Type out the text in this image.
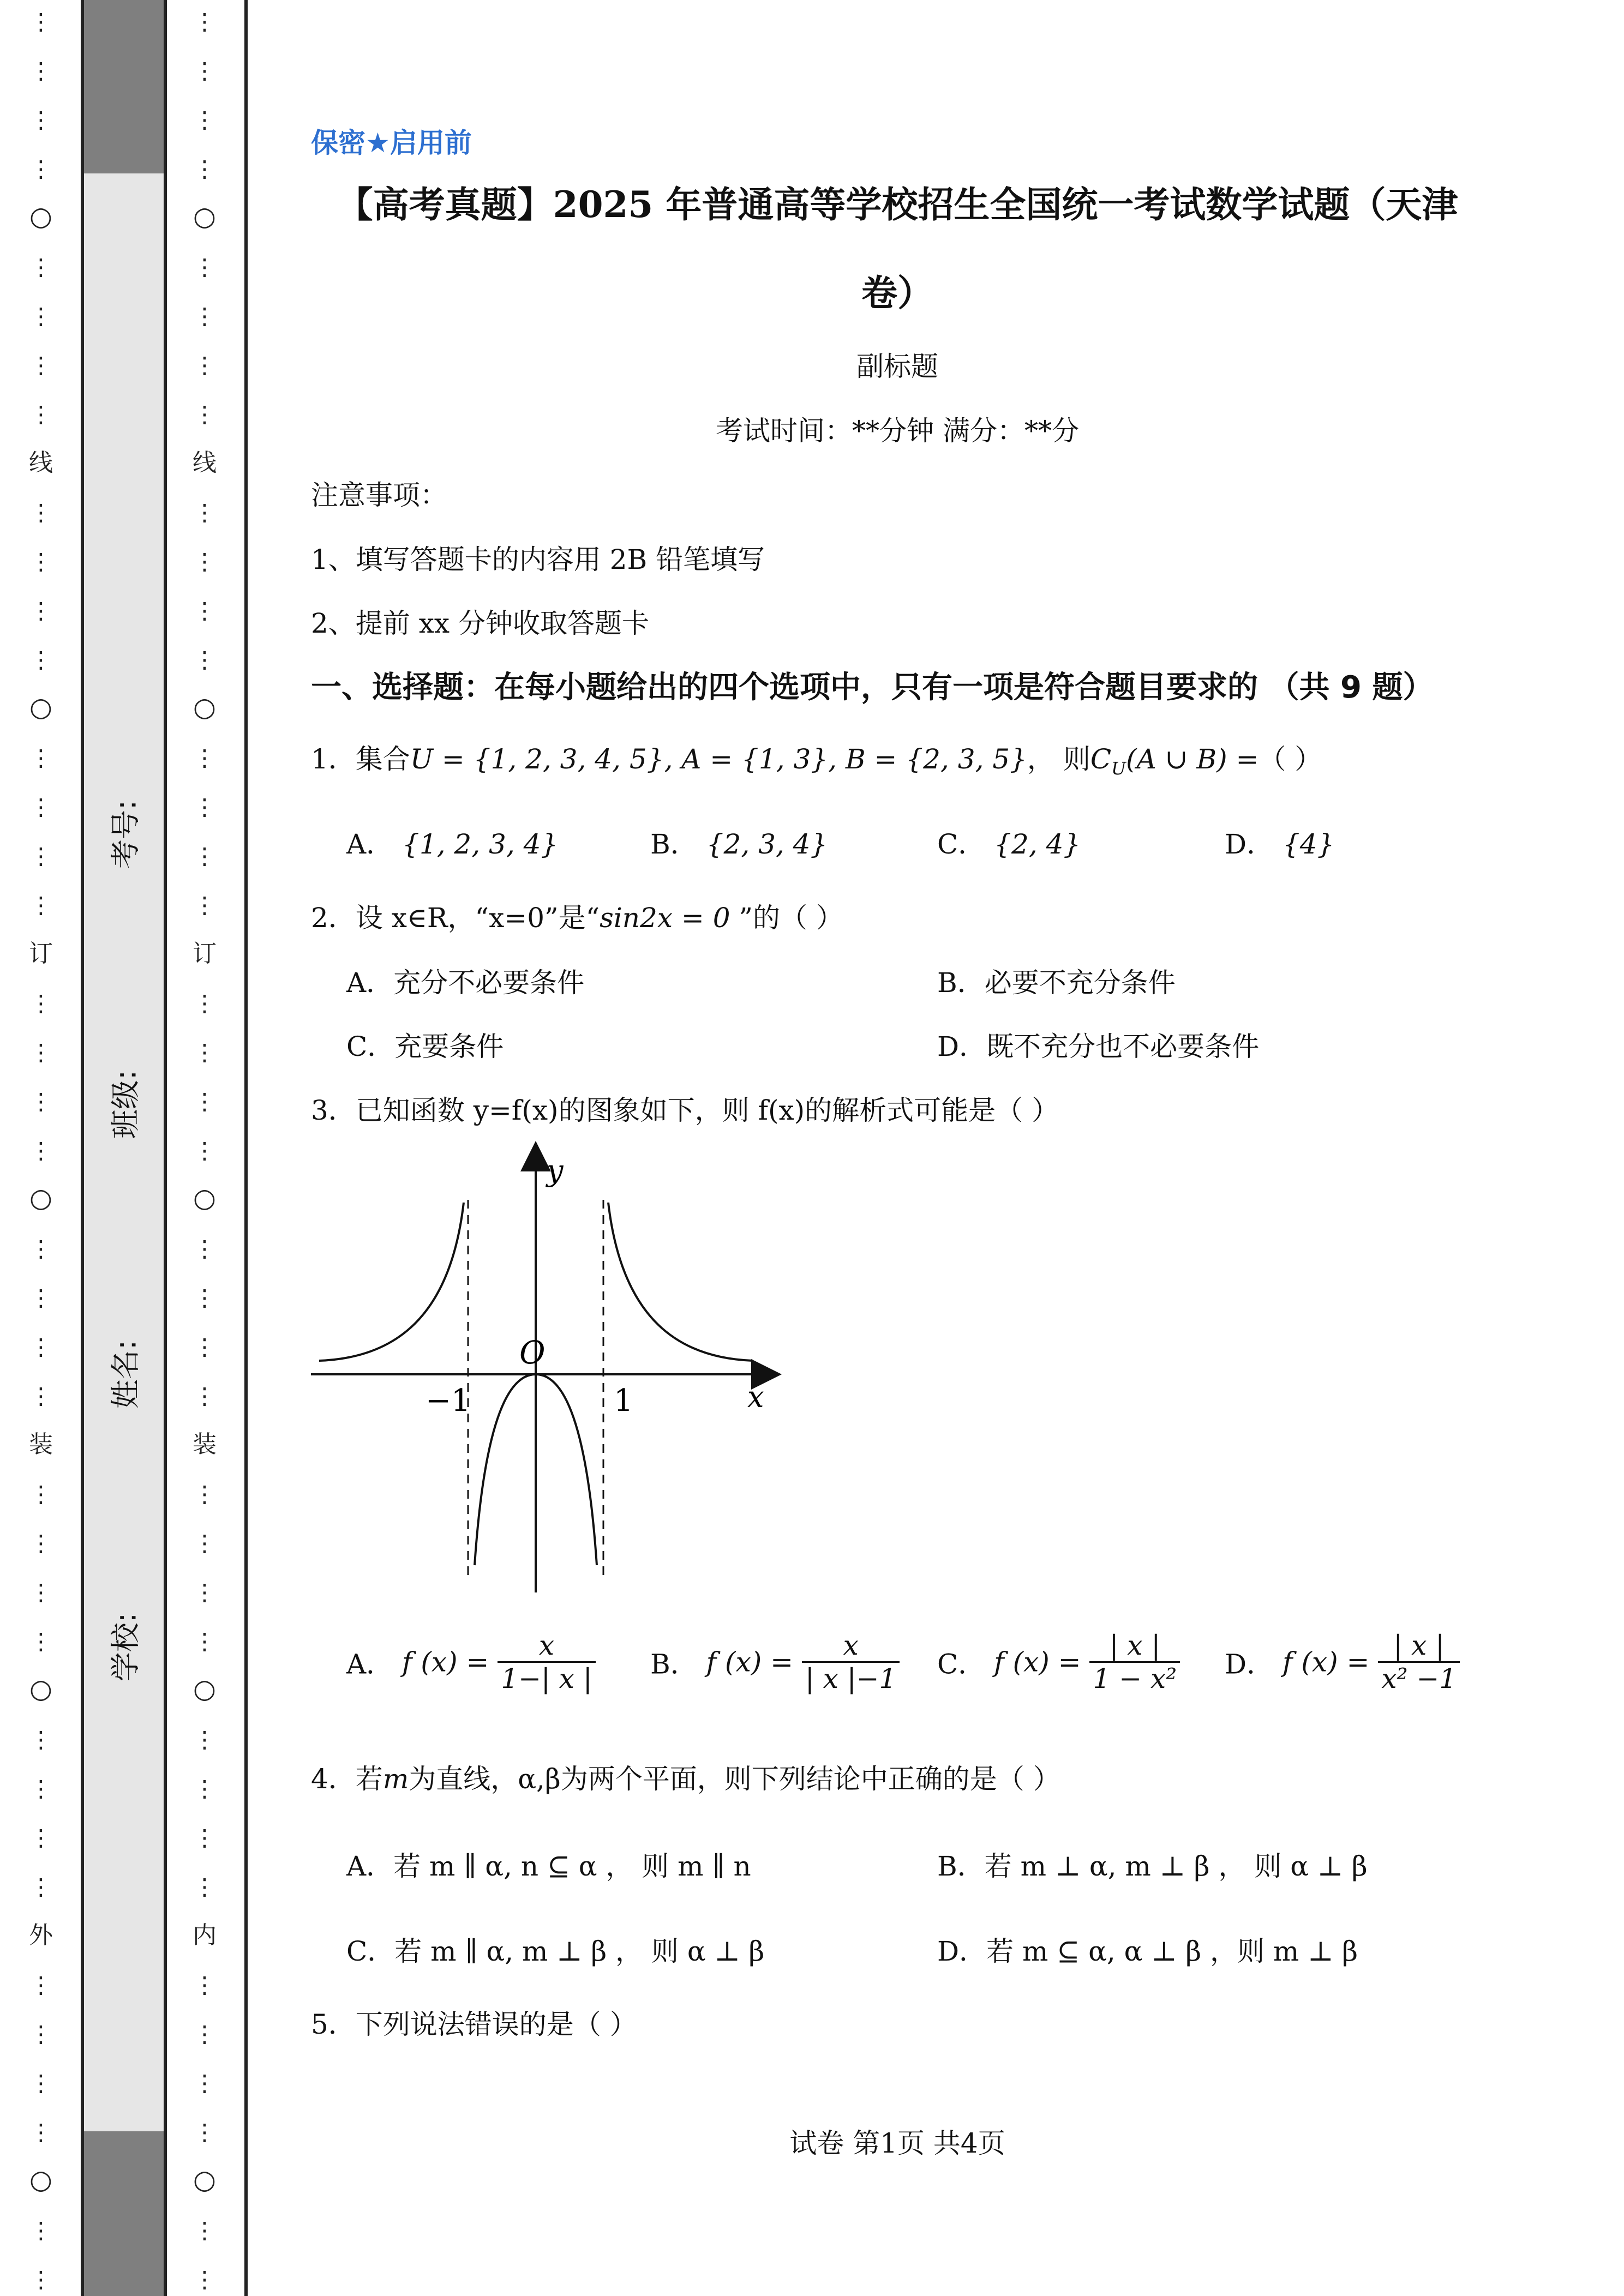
○
○
○
○
○
线
订
装
外
⋮
⋮
⋮
⋮
⋮
⋮
⋮
⋮
⋮
⋮
⋮
⋮
⋮
⋮
⋮
⋮
⋮
⋮
⋮
⋮
⋮
⋮
⋮
⋮
⋮
⋮
⋮
⋮
⋮
⋮
⋮
⋮
⋮
⋮
⋮
⋮
⋮
⋮
考号:
班级:
姓名:
学校:
○
○
○
○
○
线
订
装
内
⋮
⋮
⋮
⋮
⋮
⋮
⋮
⋮
⋮
⋮
⋮
⋮
⋮
⋮
⋮
⋮
⋮
⋮
⋮
⋮
⋮
⋮
⋮
⋮
⋮
⋮
⋮
⋮
⋮
⋮
⋮
⋮
⋮
⋮
⋮
⋮
⋮
⋮
保密★启用前
【高考真题】2025 年普通高等学校招生全国统一考试数学试题（天津
卷）
副标题
考试时间：**分钟 满分：**分
注意事项：
1、填写答题卡的内容用 2B 铅笔填写
2、提前 xx 分钟收取答题卡
一、选择题：在每小题给出的四个选项中，只有一项是符合题目要求的 （共 9 题）
1．集合U = {1, 2, 3, 4, 5}, A = {1, 3}, B = {2, 3, 5}， 则$C_U(A$ ∪ B) =（ ）
A． {1, 2, 3, 4}	B． {2, 3, 4}	C． {2, 4}	D． {4}
2．设 x∈R，“x=0”是“sin2x = 0 ”的（ ）
A．充分不必要条件	B．必要不充分条件
C．充要条件	D．既不充分也不必要条件
3．已知函数 y=f(x)的图象如下，则 f(x)的解析式可能是（ ）
y
x
O
−1	1
A． f $(x) = \frac{x}{1-| x |}$ B． f $(x) = \frac{x}{| x |-1}$ C． f $(x) = \frac{| x |}{\text{1 − x²}}$ D． f $(x) = \frac{| x |}{\text{x² −1}}$
4．若m为直线，α,β为两个平面，则下列结论中正确的是（ ）
A．若 m ∥ α, n ⊆ α ， 则 m ∥ n	B．若 m ⊥ α, m ⊥ β ， 则 α ⊥ β
C．若 m ∥ α, m ⊥ β ， 则 α ⊥ β	D．若 m ⊆ α, α ⊥ β ，则 m ⊥ β
5．下列说法错误的是（ ）
试卷 第1页 共4页
